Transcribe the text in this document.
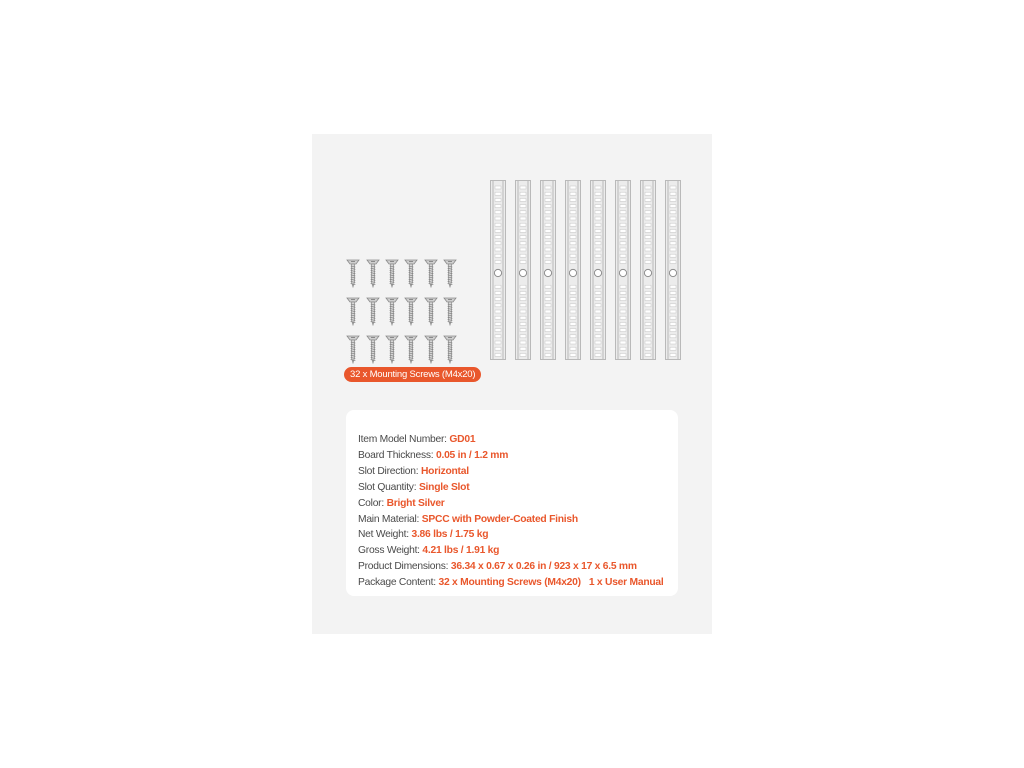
32 x Mounting Screws (M4x20)
Item Model Number: GD01
Board Thickness: 0.05 in / 1.2 mm
Slot Direction: Horizontal
Slot Quantity: Single Slot
Color: Bright Silver
Main Material: SPCC with Powder-Coated Finish
Net Weight: 3.86 lbs / 1.75 kg
Gross Weight: 4.21 lbs / 1.91 kg
Product Dimensions: 36.34 x 0.67 x 0.26 in / 923 x 17 x 6.5 mm
Package Content: 32 x Mounting Screws (M4x20) 1 x User Manual
